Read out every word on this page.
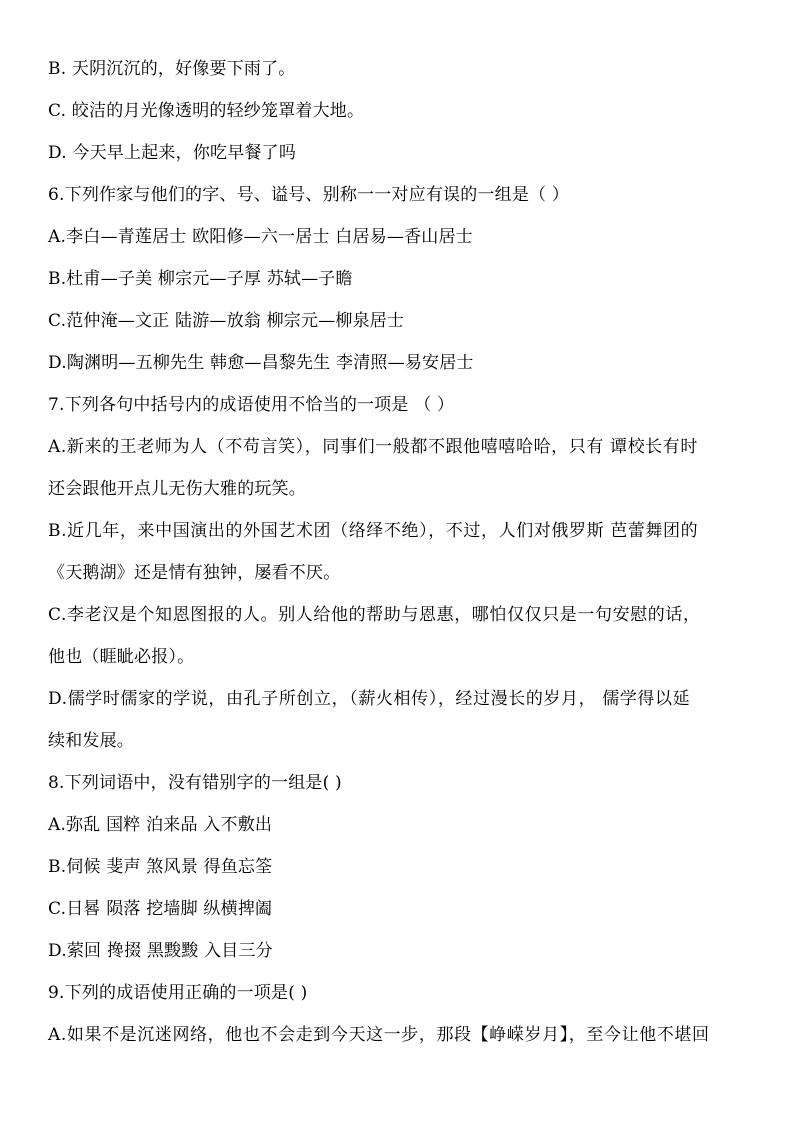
B. 天阴沉沉的，好像要下雨了。
C. 皎洁的月光像透明的轻纱笼罩着大地。
D. 今天早上起来，你吃早餐了吗
6.下列作家与他们的字、号、谥号、别称一一对应有误的一组是（ ）
A.李白—青莲居士 欧阳修—六一居士 白居易—香山居士
B.杜甫—子美 柳宗元—子厚 苏轼—子瞻
C.范仲淹—文正 陆游—放翁 柳宗元—柳泉居士
D.陶渊明—五柳先生 韩愈—昌黎先生 李清照—易安居士
7.下列各句中括号内的成语使用不恰当的一项是 （ ）
A.新来的王老师为人（不苟言笑），同事们一般都不跟他嘻嘻哈哈，只有 谭校长有时
还会跟他开点儿无伤大雅的玩笑。
B.近几年，来中国演出的外国艺术团（络绎不绝），不过，人们对俄罗斯 芭蕾舞团的
《天鹅湖》还是情有独钟，屡看不厌。
C.李老汉是个知恩图报的人。别人给他的帮助与恩惠，哪怕仅仅只是一句安慰的话，
他也（睚眦必报）。
D.儒学时儒家的学说，由孔子所创立，（薪火相传），经过漫长的岁月， 儒学得以延
续和发展。
8.下列词语中，没有错别字的一组是( )
A.弥乱 国粹 泊来品 入不敷出
B.伺候 斐声 煞风景 得鱼忘筌
C.日晷 陨落 挖墙脚 纵横捭阖
D.萦回 搀掇 黑黢黢 入目三分
9.下列的成语使用正确的一项是( )
A.如果不是沉迷网络，他也不会走到今天这一步，那段【峥嵘岁月】，至今让他不堪回
